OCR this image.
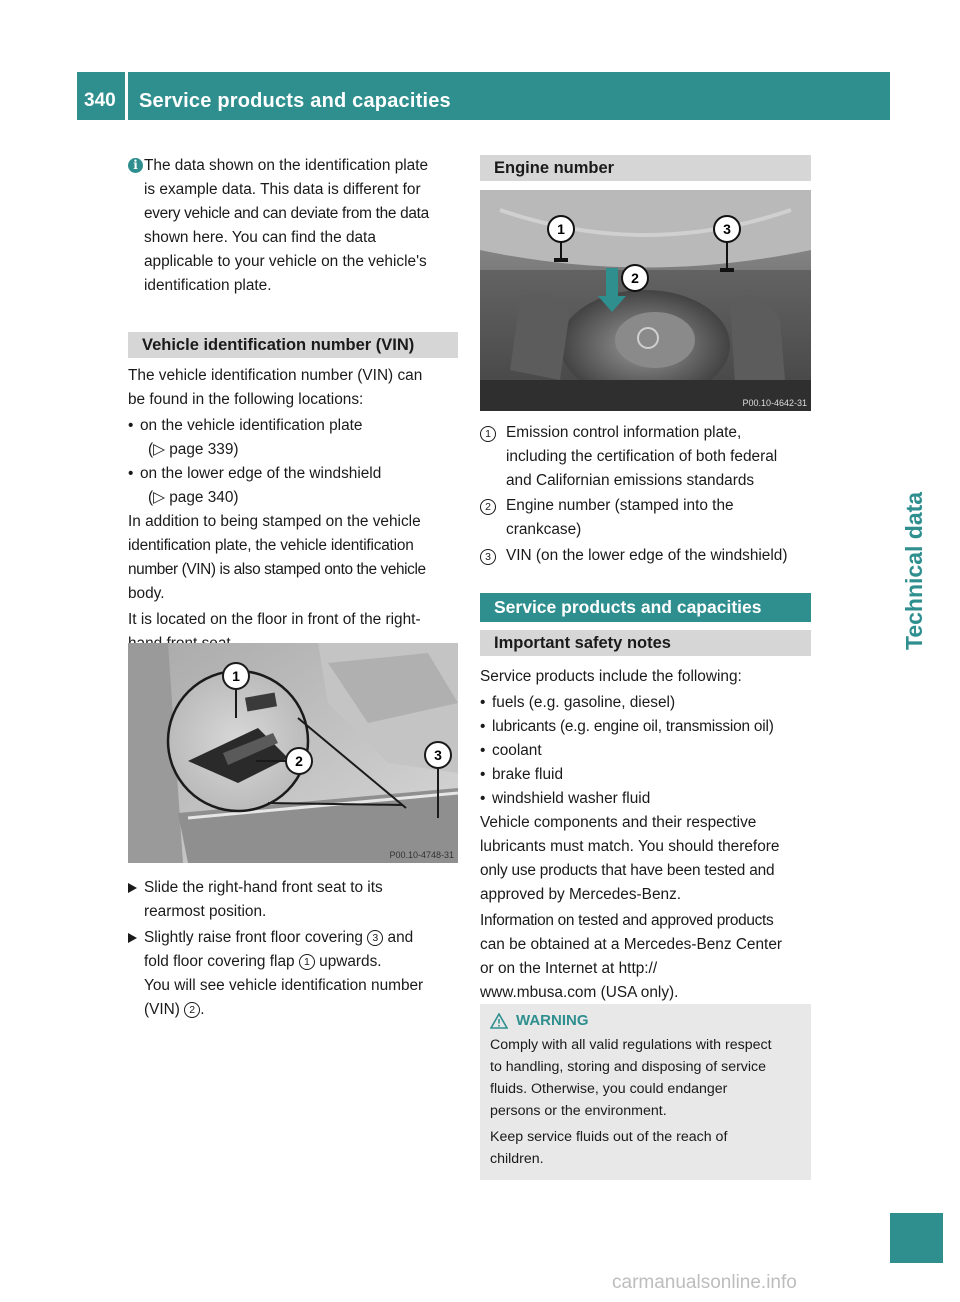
340 Service products and capacities
Technical data
i The data shown on the identification plate

is example data. This data is different for

every vehicle and can deviate from the data

shown here. You can find the data

applicable to your vehicle on the vehicle's

identification plate.

Vehicle identification number (VIN)

The vehicle identification number (VIN) can

be found in the following locations:

• on the vehicle identification plate

(▷ page 339)

• on the lower edge of the windshield

(▷ page 340)

In addition to being stamped on the vehicle

identification plate, the vehicle identification

number (VIN) is also stamped onto the vehicle

body.

It is located on the floor in front of the right-

1
2	3
P00.10-4748-31

Slide the right-hand front seat to its

rearmost position.

Slightly raise front floor covering 3 and

fold floor covering flap 1 upwards.

You will see vehicle identification number

(VIN) 2 .

Engine number
1	3
2
P00.10-4642-31
1 Emission control information plate,

including the certification of both federal

and Californian emissions standards

2 Engine number (stamped into the

crankcase)

3 VIN (on the lower edge of the windshield)

Service products and capacities
Important safety notes

Service products include the following:

• fuels (e.g. gasoline, diesel)

• lubricants (e.g. engine oil, transmission oil)

• coolant

• brake fluid

• windshield washer fluid

Vehicle components and their respective

lubricants must match. You should therefore

only use products that have been tested and

approved by Mercedes-Benz.

Information on tested and approved products

can be obtained at a Mercedes-Benz Center

or on the Internet at http://

www.mbusa.com (USA only).

WARNING

Comply with all valid regulations with respect

to handling, storing and disposing of service

fluids. Otherwise, you could endanger

persons or the environment.

Keep service fluids out of the reach of

children.

carmanualsonline.info
